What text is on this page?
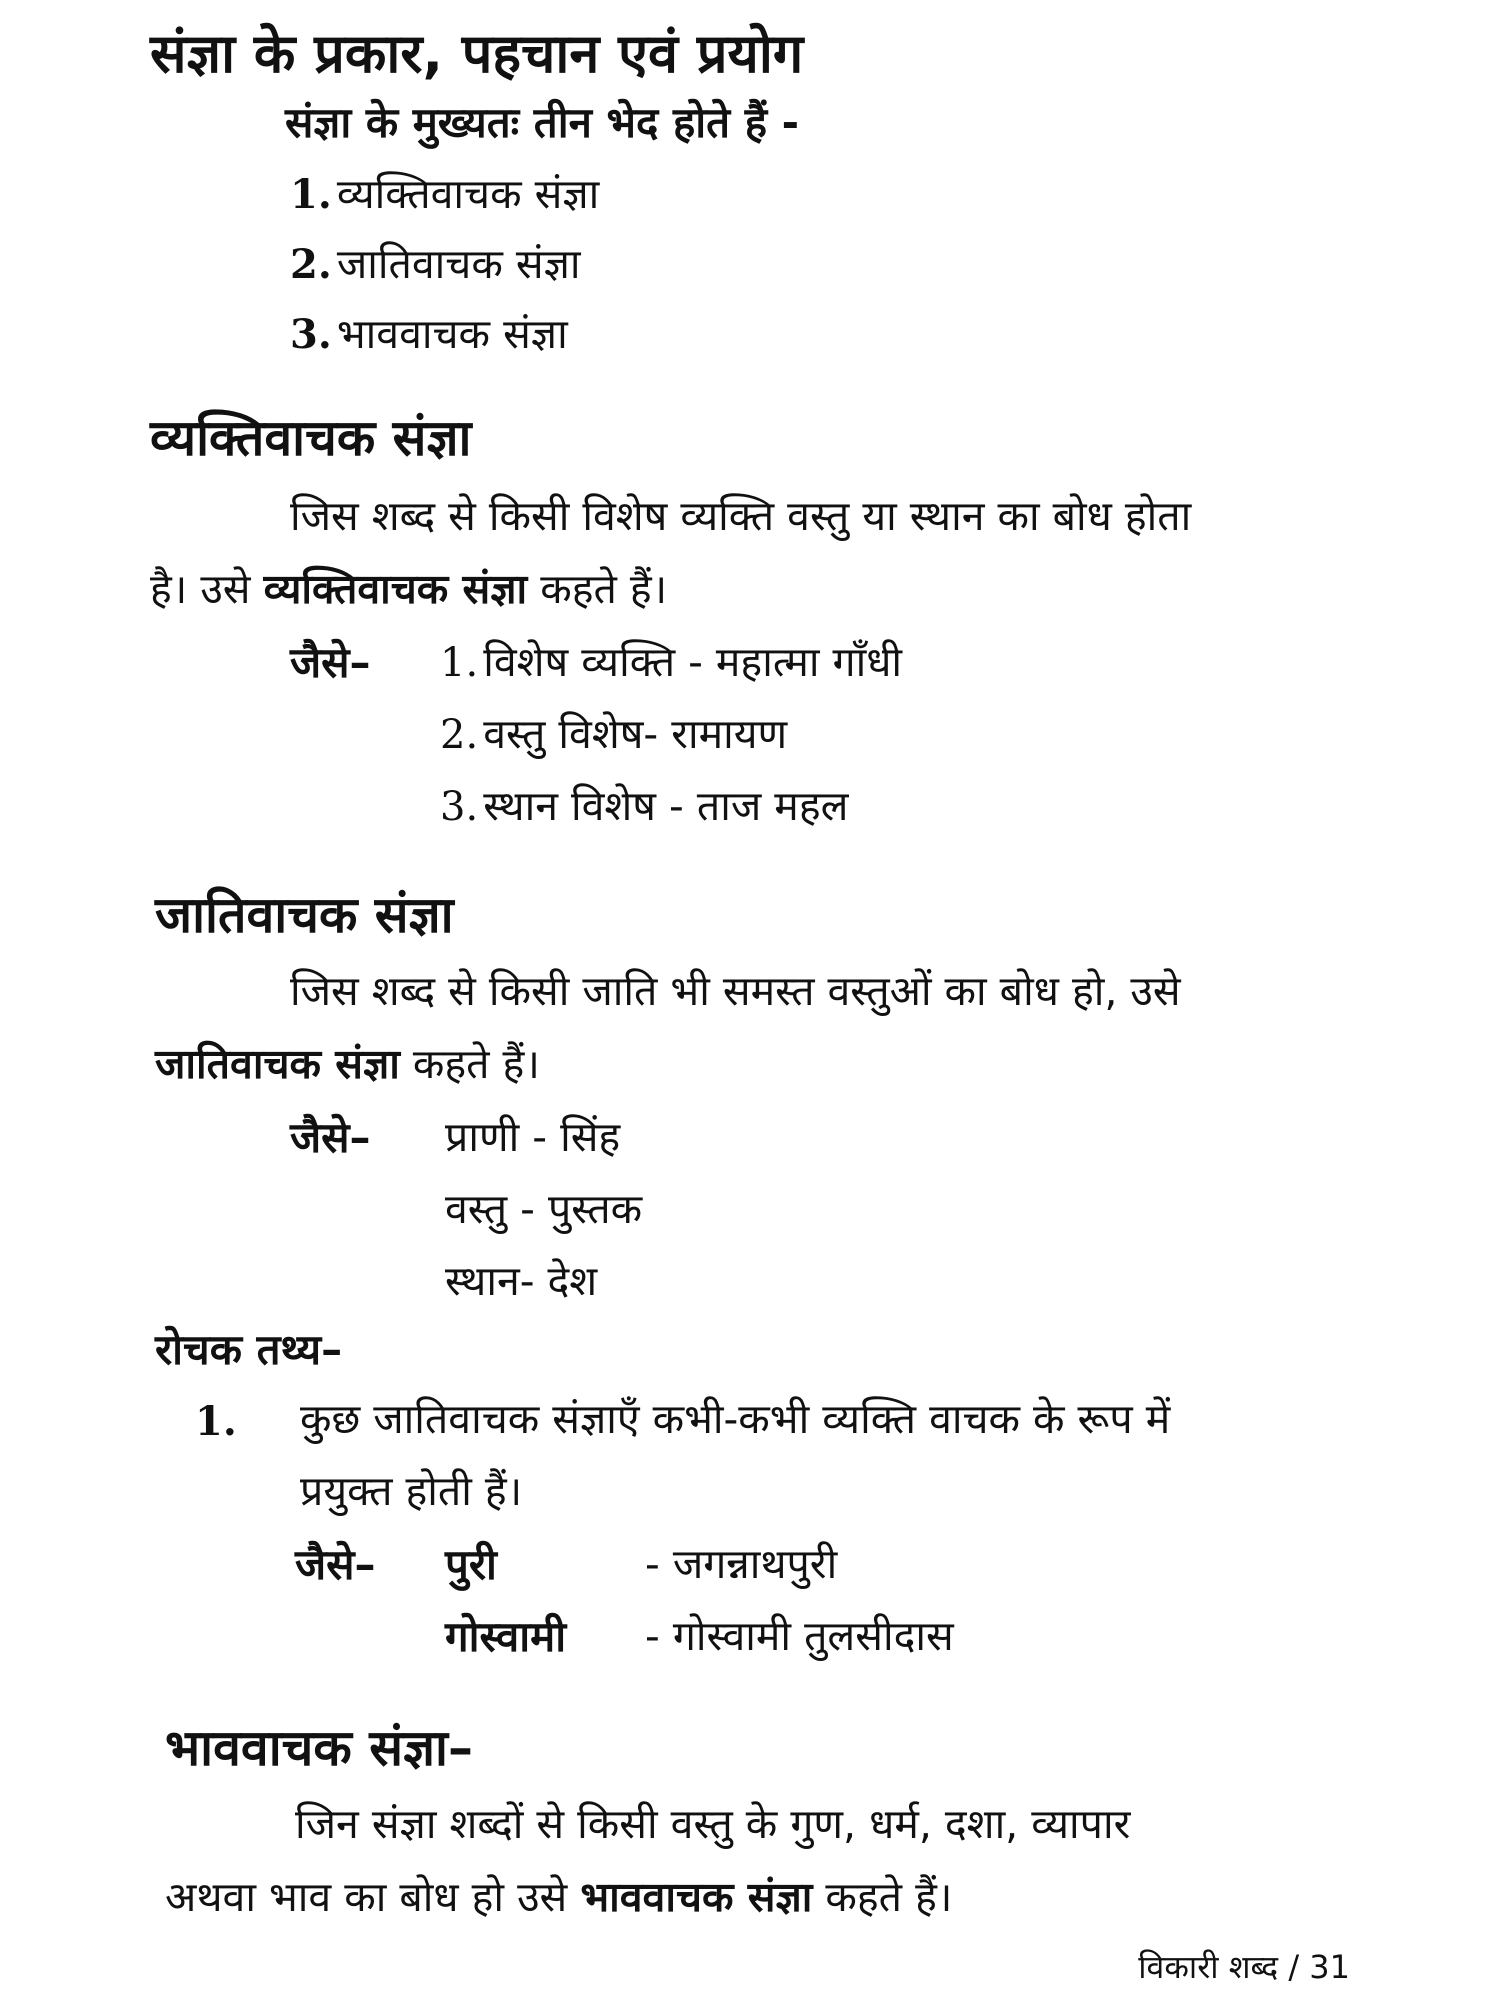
संज्ञा के प्रकार, पहचान एवं प्रयोग
संज्ञा के मुख्यतः तीन भेद होते हैं -
1. व्यक्तिवाचक संज्ञा
2. जातिवाचक संज्ञा
3. भाववाचक संज्ञा
व्यक्तिवाचक संज्ञा
जिस शब्द से किसी विशेष व्यक्ति वस्तु या स्थान का बोध होता
है। उसे व्यक्तिवाचक संज्ञा कहते हैं।
जैसे– 1. विशेष व्यक्ति - महात्मा गाँधी
2. वस्तु विशेष- रामायण
3. स्थान विशेष - ताज महल
जातिवाचक संज्ञा
जिस शब्द से किसी जाति भी समस्त वस्तुओं का बोध हो, उसे
जातिवाचक संज्ञा कहते हैं।
जैसे– प्राणी - सिंह
वस्तु - पुस्तक
स्थान- देश
रोचक तथ्य–
1. कुछ जातिवाचक संज्ञाएँ कभी-कभी व्यक्ति वाचक के रूप में
प्रयुक्त होती हैं।
जैसे– पुरी	- जगन्नाथपुरी
गोस्वामी - गोस्वामी तुलसीदास
भाववाचक संज्ञा–
जिन संज्ञा शब्दों से किसी वस्तु के गुण, धर्म, दशा, व्यापार
अथवा भाव का बोध हो उसे भाववाचक संज्ञा कहते हैं।
विकारी शब्द / 31
